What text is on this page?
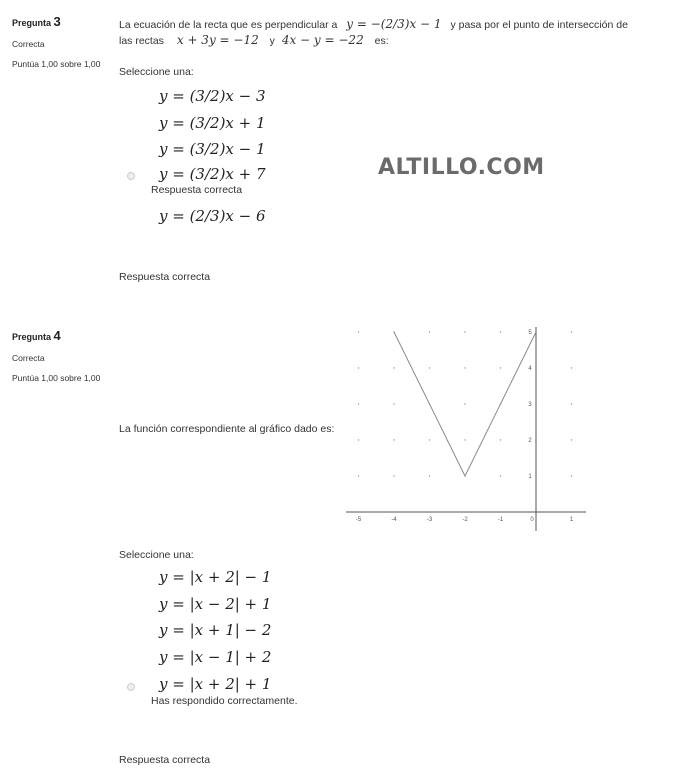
Pregunta 3
Correcta
Puntúa 1,00 sobre 1,00
La ecuación de la recta que es perpendicular a y = −(2/3)x − 1 y pasa por el punto de intersección de
las rectas x + 3y = −12 y 4x − y = −22 es:
Seleccione una:
y = (3/2)x − 3
y = (3/2)x + 1
y = (3/2)x − 1
y = (3/2)x + 7
Respuesta correcta
y = (2/3)x − 6
Respuesta correcta
ALTILLO.COM
Pregunta 4
Correcta
Puntúa 1,00 sobre 1,00
La función correspondiente al gráfico dado es:
-5	-4	-3	-2	-1	0	1
1
2
3
4
5
Seleccione una:
y = |x + 2| − 1
y = |x − 2| + 1
y = |x + 1| − 2
y = |x − 1| + 2
y = |x + 2| + 1
Has respondido correctamente.
Respuesta correcta
